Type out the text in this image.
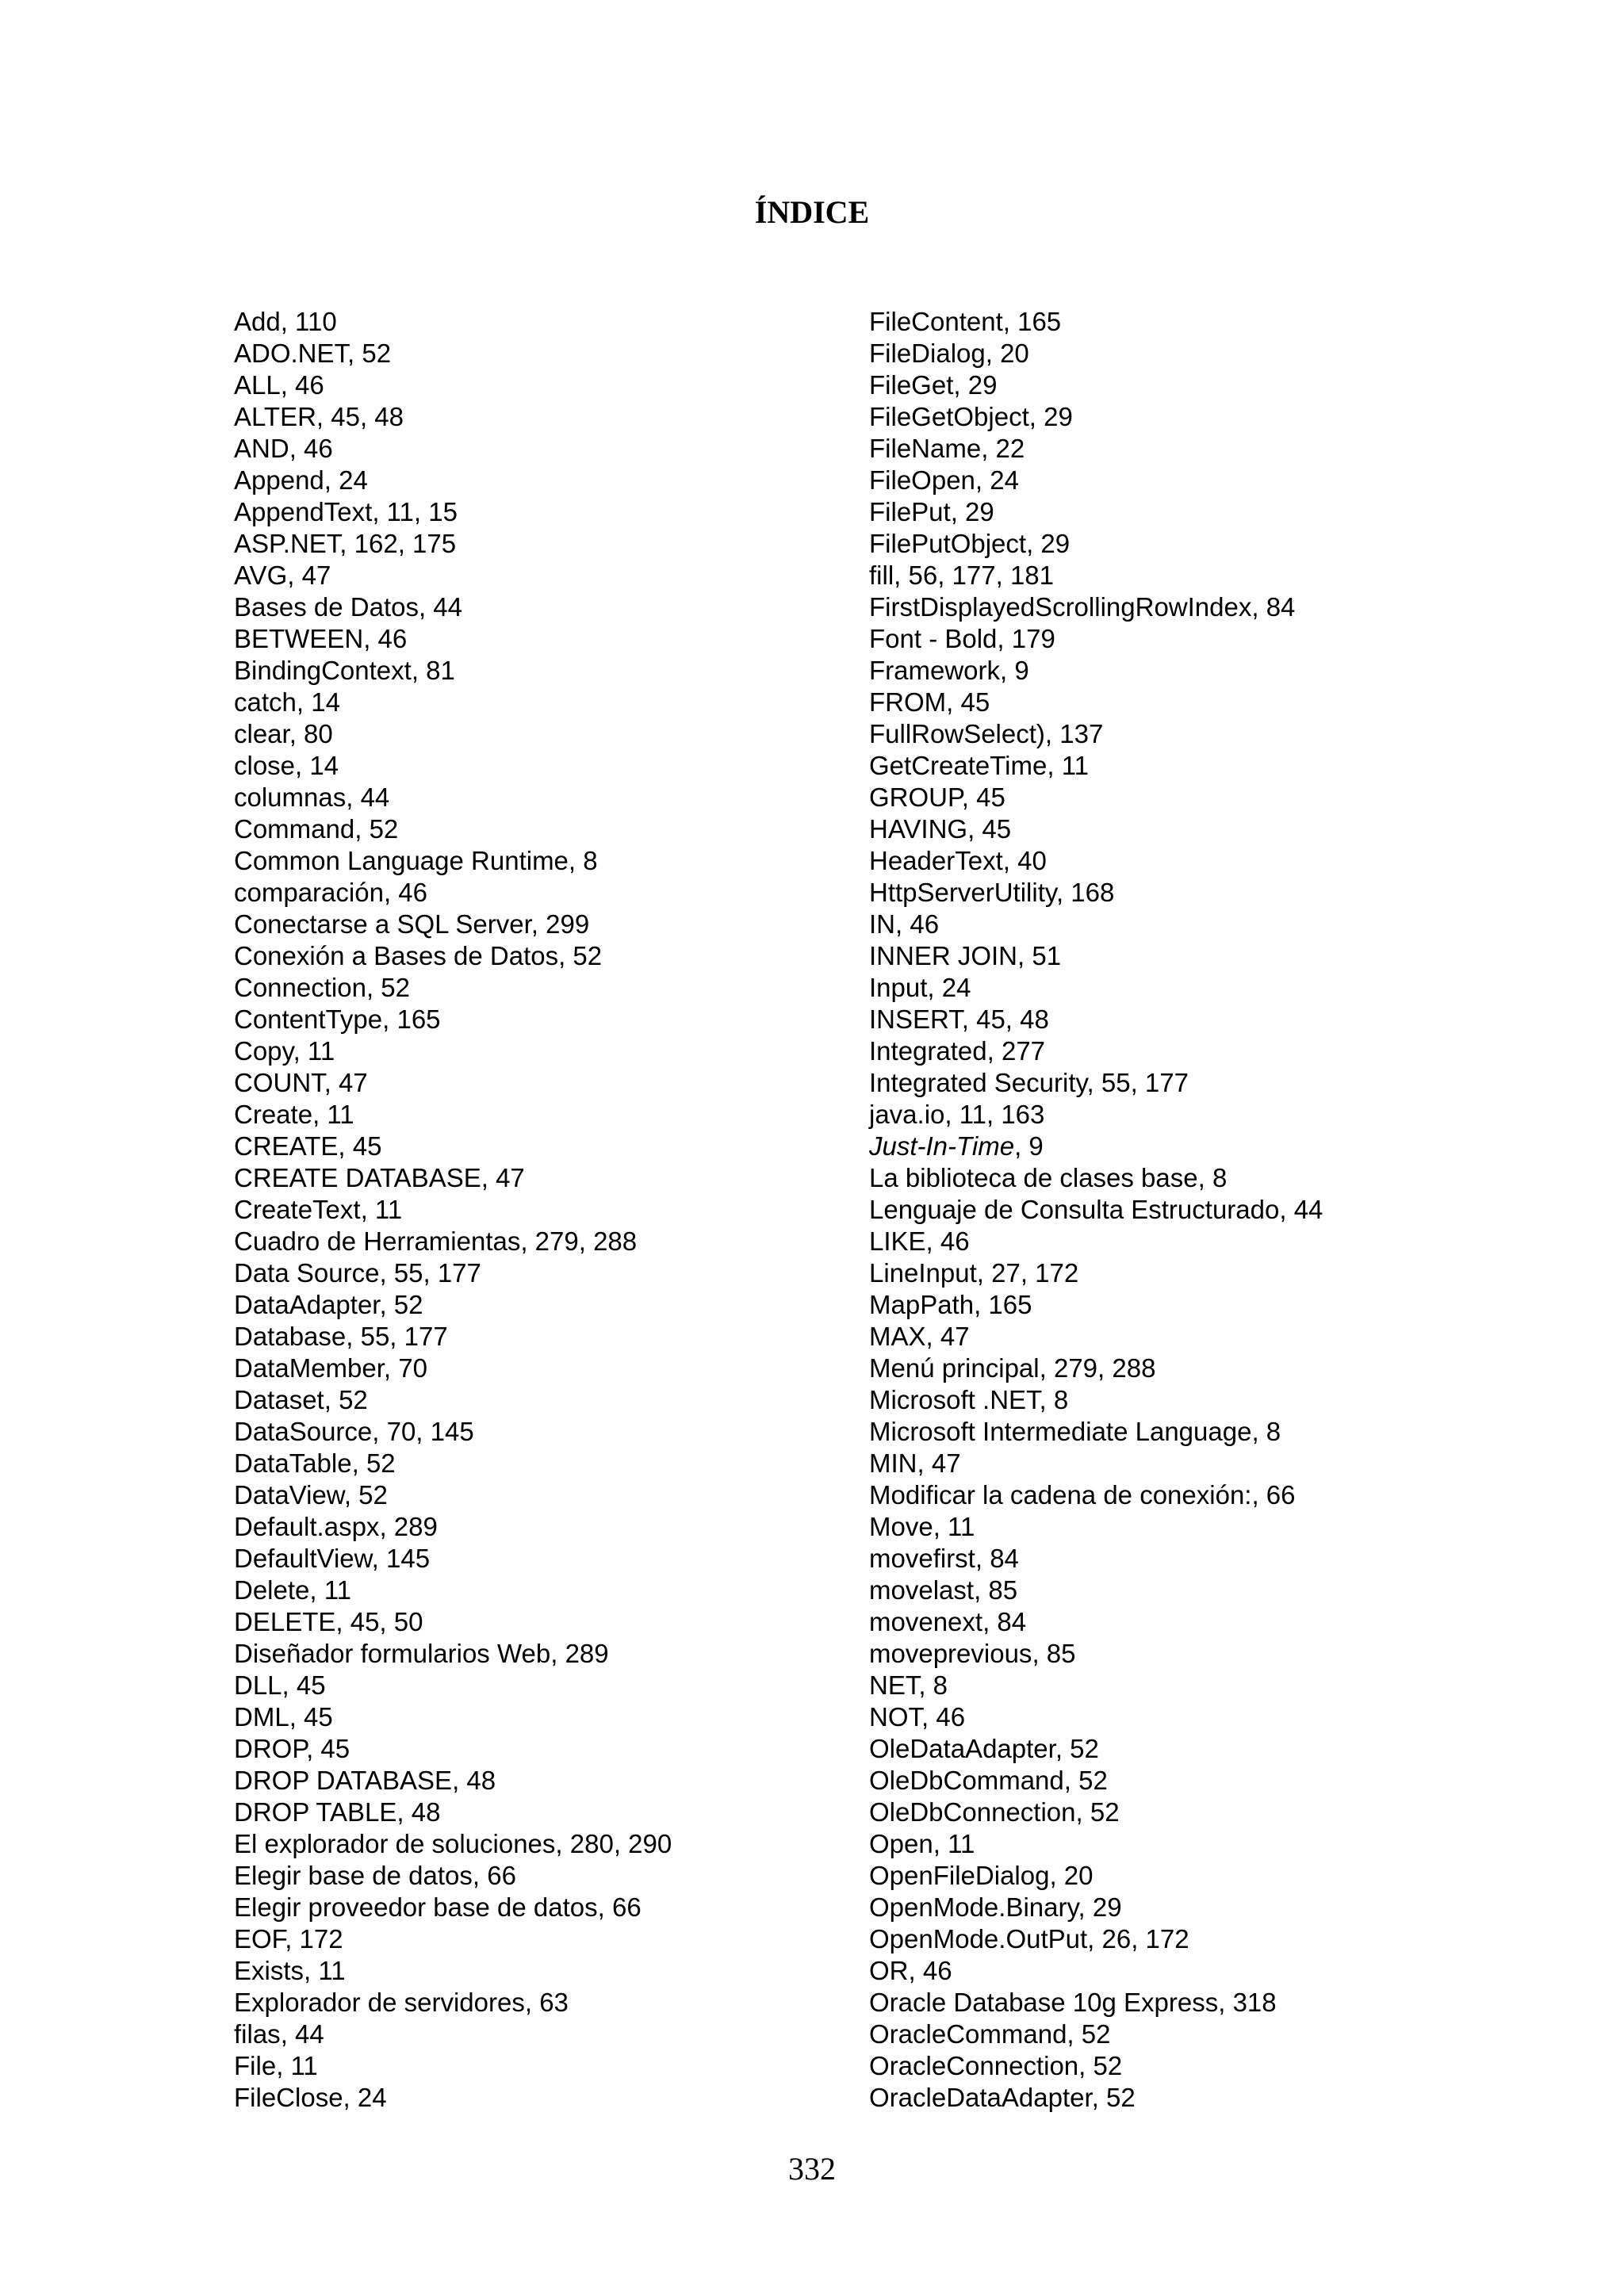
ÍNDICE
Add, 110
ADO.NET, 52
ALL, 46
ALTER, 45, 48
AND, 46
Append, 24
AppendText, 11, 15
ASP.NET, 162, 175
AVG, 47
Bases de Datos, 44
BETWEEN, 46
BindingContext, 81
catch, 14
clear, 80
close, 14
columnas, 44
Command, 52
Common Language Runtime, 8
comparación, 46
Conectarse a SQL Server, 299
Conexión a Bases de Datos, 52
Connection, 52
ContentType, 165
Copy, 11
COUNT, 47
Create, 11
CREATE, 45
CREATE DATABASE, 47
CreateText, 11
Cuadro de Herramientas, 279, 288
Data Source, 55, 177
DataAdapter, 52
Database, 55, 177
DataMember, 70
Dataset, 52
DataSource, 70, 145
DataTable, 52
DataView, 52
Default.aspx, 289
DefaultView, 145
Delete, 11
DELETE, 45, 50
Diseñador formularios Web, 289
DLL, 45
DML, 45
DROP, 45
DROP DATABASE, 48
DROP TABLE, 48
El explorador de soluciones, 280, 290
Elegir base de datos, 66
Elegir proveedor base de datos, 66
EOF, 172
Exists, 11
Explorador de servidores, 63
filas, 44
File, 11
FileClose, 24
FileContent, 165
FileDialog, 20
FileGet, 29
FileGetObject, 29
FileName, 22
FileOpen, 24
FilePut, 29
FilePutObject, 29
fill, 56, 177, 181
FirstDisplayedScrollingRowIndex, 84
Font - Bold, 179
Framework, 9
FROM, 45
FullRowSelect), 137
GetCreateTime, 11
GROUP, 45
HAVING, 45
HeaderText, 40
HttpServerUtility, 168
IN, 46
INNER JOIN, 51
Input, 24
INSERT, 45, 48
Integrated, 277
Integrated Security, 55, 177
java.io, 11, 163
Just-In-Time, 9
La biblioteca de clases base, 8
Lenguaje de Consulta Estructurado, 44
LIKE, 46
LineInput, 27, 172
MapPath, 165
MAX, 47
Menú principal, 279, 288
Microsoft .NET, 8
Microsoft Intermediate Language, 8
MIN, 47
Modificar la cadena de conexión:, 66
Move, 11
movefirst, 84
movelast, 85
movenext, 84
moveprevious, 85
NET, 8
NOT, 46
OleDataAdapter, 52
OleDbCommand, 52
OleDbConnection, 52
Open, 11
OpenFileDialog, 20
OpenMode.Binary, 29
OpenMode.OutPut, 26, 172
OR, 46
Oracle Database 10g Express, 318
OracleCommand, 52
OracleConnection, 52
OracleDataAdapter, 52
332
